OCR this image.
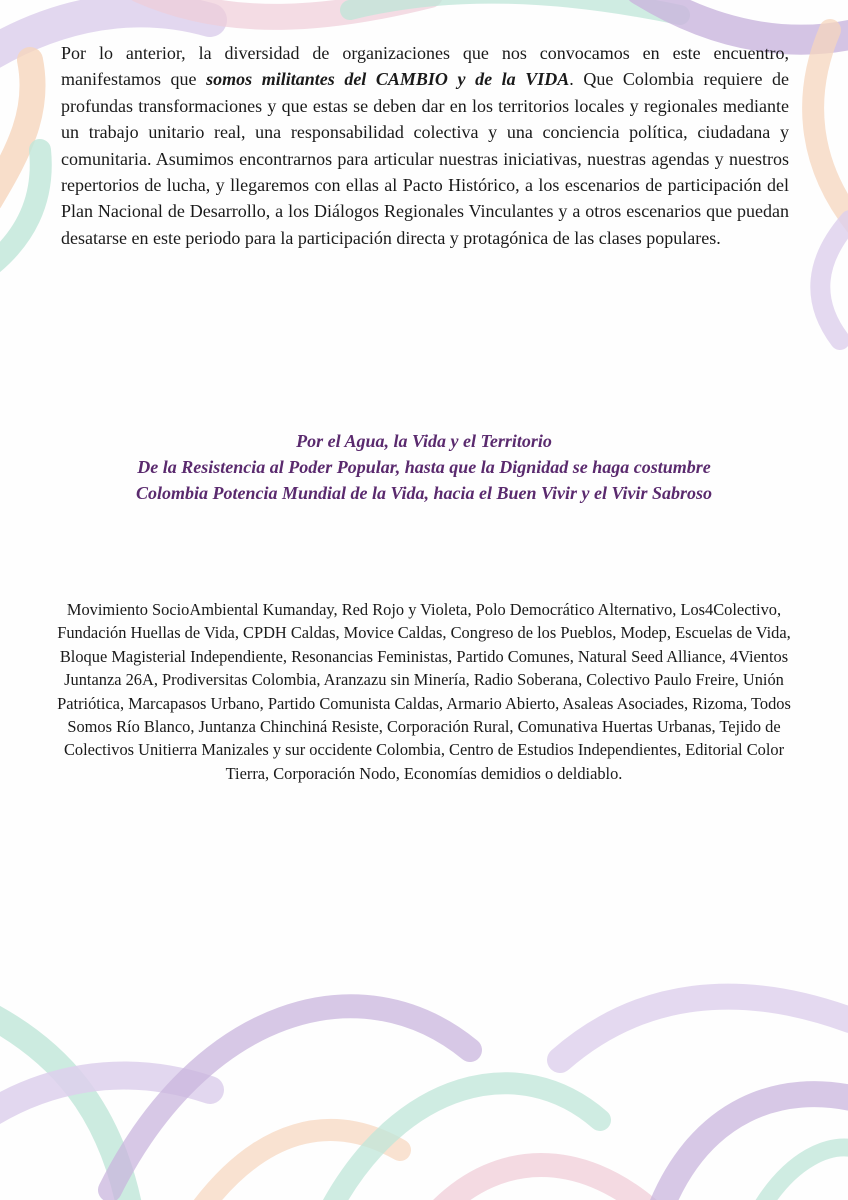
Por lo anterior, la diversidad de organizaciones que nos convocamos en este encuentro, manifestamos que somos militantes del CAMBIO y de la VIDA. Que Colombia requiere de profundas transformaciones y que estas se deben dar en los territorios locales y regionales mediante un trabajo unitario real, una responsabilidad colectiva y una conciencia política, ciudadana y comunitaria. Asumimos encontrarnos para articular nuestras iniciativas, nuestras agendas y nuestros repertorios de lucha, y llegaremos con ellas al Pacto Histórico, a los escenarios de participación del Plan Nacional de Desarrollo, a los Diálogos Regionales Vinculantes y a otros escenarios que puedan desatarse en este periodo para la participación directa y protagónica de las clases populares.

Por el Agua, la Vida y el Territorio
De la Resistencia al Poder Popular, hasta que la Dignidad se haga costumbre
Colombia Potencia Mundial de la Vida, hacia el Buen Vivir y el Vivir Sabroso

Movimiento SocioAmbiental Kumanday, Red Rojo y Violeta, Polo Democrático Alternativo, Los4Colectivo, Fundación Huellas de Vida, CPDH Caldas, Movice Caldas, Congreso de los Pueblos, Modep, Escuelas de Vida, Bloque Magisterial Independiente, Resonancias Feministas, Partido Comunes, Natural Seed Alliance, 4Vientos Juntanza 26A, Prodiversitas Colombia, Aranzazu sin Minería, Radio Soberana, Colectivo Paulo Freire, Unión Patriótica, Marcapasos Urbano, Partido Comunista Caldas, Armario Abierto, Asaleas Asociades, Rizoma, Todos Somos Río Blanco, Juntanza Chinchiná Resiste, Corporación Rural, Comunativa Huertas Urbanas, Tejido de Colectivos Unitierra Manizales y sur occidente Colombia, Centro de Estudios Independientes, Editorial Color Tierra, Corporación Nodo, Economías demidios o deldiablo.
